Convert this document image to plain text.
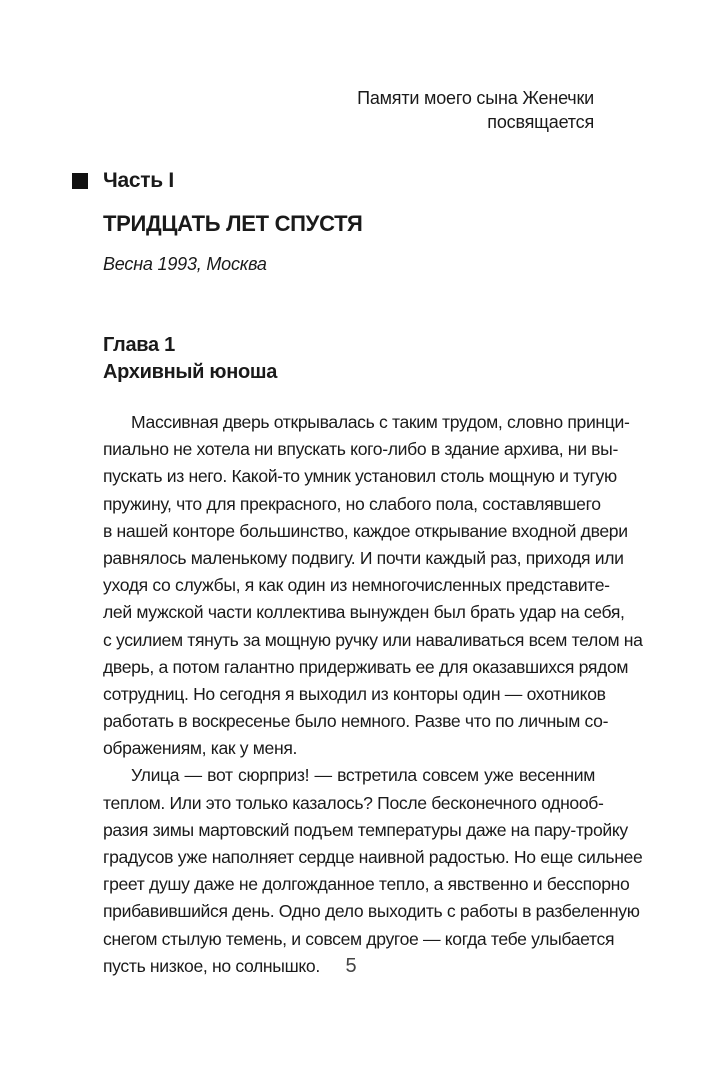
Памяти моего сына Женечки
посвящается
Часть I
ТРИДЦАТЬ ЛЕТ СПУСТЯ
Весна 1993, Москва
Глава 1
Архивный юноша
Массивная дверь открывалась с таким трудом, словно принци-
пиально не хотела ни впускать кого-либо в здание архива, ни вы-
пускать из него. Какой-то умник установил столь мощную и тугую
пружину, что для прекрасного, но слабого пола, составлявшего
в нашей конторе большинство, каждое открывание входной двери
равнялось маленькому подвигу. И почти каждый раз, приходя или
уходя со службы, я как один из немногочисленных представите-
лей мужской части коллектива вынужден был брать удар на себя,
с усилием тянуть за мощную ручку или наваливаться всем телом на
дверь, а потом галантно придерживать ее для оказавшихся рядом
сотрудниц. Но сегодня я выходил из конторы один — охотников
работать в воскресенье было немного. Разве что по личным со-
ображениям, как у меня.
Улица — вот сюрприз! — встретила совсем уже весенним
теплом. Или это только казалось? После бесконечного однооб-
разия зимы мартовский подъем температуры даже на пару-тройку
градусов уже наполняет сердце наивной радостью. Но еще сильнее
греет душу даже не долгожданное тепло, а явственно и бесспорно
прибавившийся день. Одно дело выходить с работы в разбеленную
снегом стылую темень, и совсем другое — когда тебе улыбается
пусть низкое, но солнышко.	5
